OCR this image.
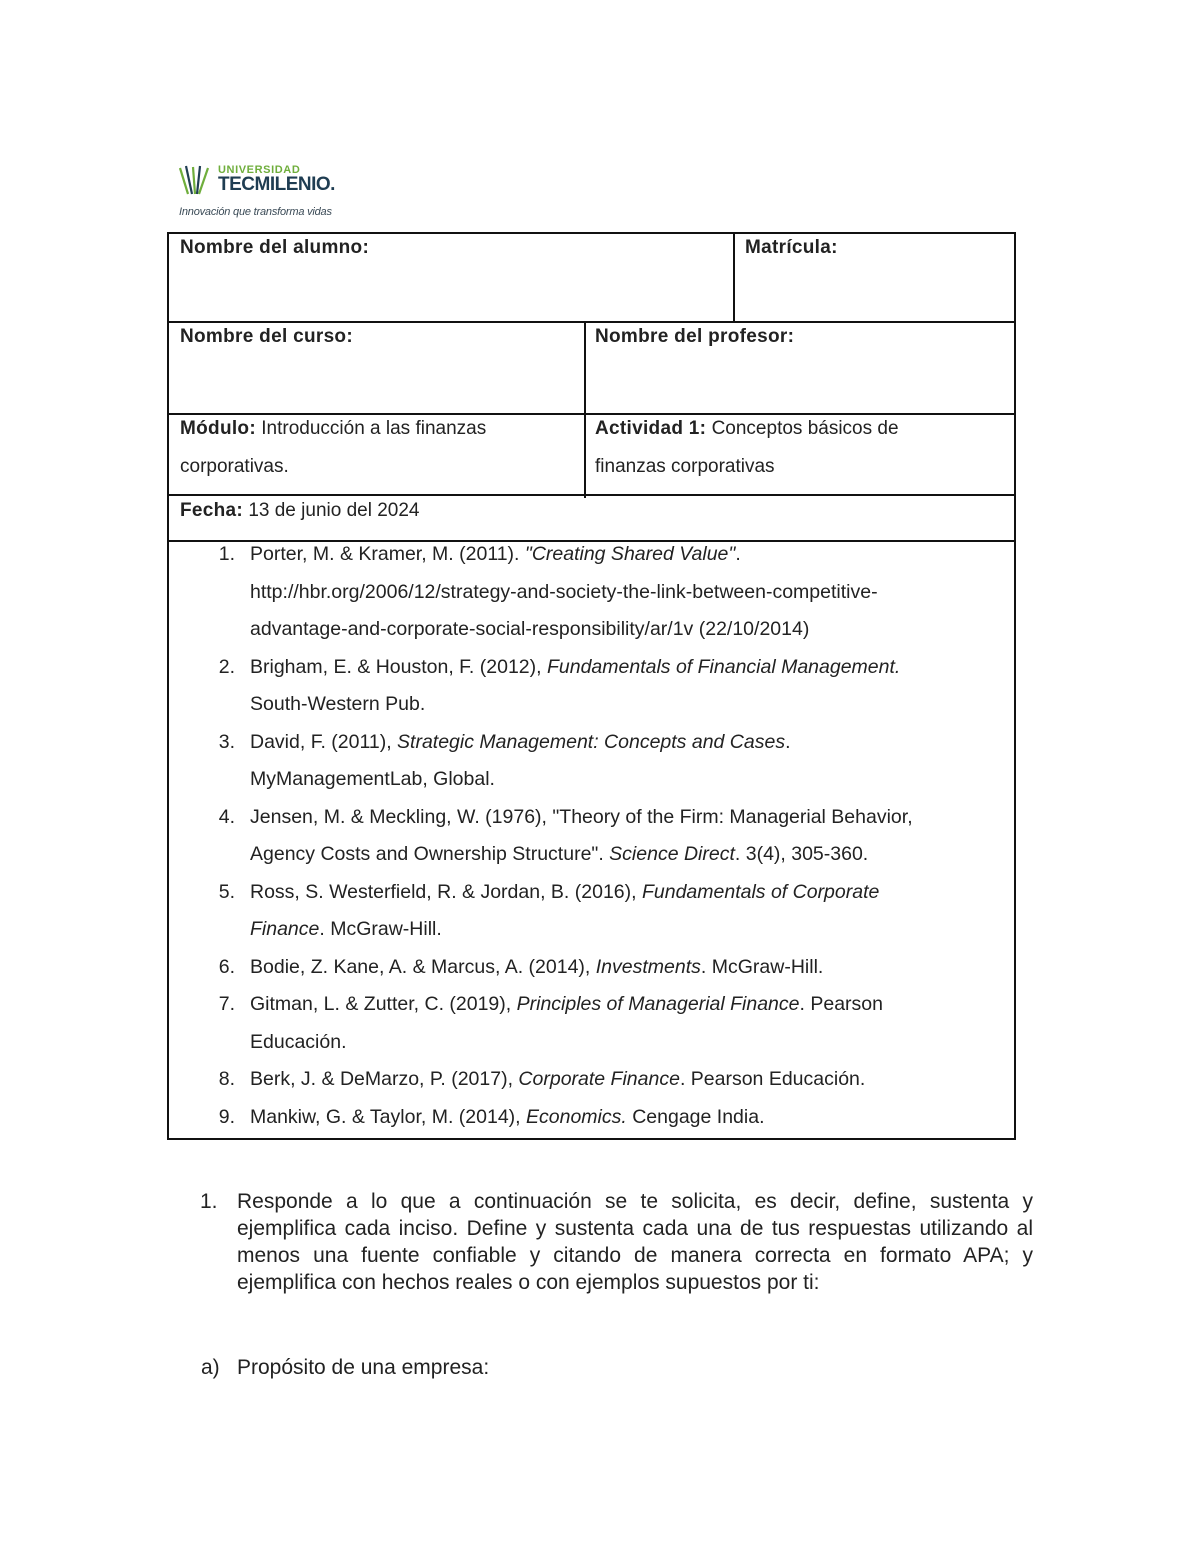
UNIVERSIDAD
TECMILENIO.
Innovación que transforma vidas
Nombre del alumno:	Matrícula:
Nombre del curso:	Nombre del profesor:
Módulo: Introducción a las finanzas
corporativas.
Actividad 1: Conceptos básicos de
finanzas corporativas
Fecha: 13 de junio del 2024
1. Porter, M. & Kramer, M. (2011). "Creating Shared Value".
http://hbr.org/2006/12/strategy-and-society-the-link-between-competitive-
advantage-and-corporate-social-responsibility/ar/1v (22/10/2014)
2. Brigham, E. & Houston, F. (2012), Fundamentals of Financial Management.
South-Western Pub.
3. David, F. (2011), Strategic Management: Concepts and Cases.
MyManagementLab, Global.
4. Jensen, M. & Meckling, W. (1976), "Theory of the Firm: Managerial Behavior,
Agency Costs and Ownership Structure". Science Direct. 3(4), 305-360.
5. Ross, S. Westerfield, R. & Jordan, B. (2016), Fundamentals of Corporate
Finance. McGraw-Hill.
6. Bodie, Z. Kane, A. & Marcus, A. (2014), Investments. McGraw-Hill.
7. Gitman, L. & Zutter, C. (2019), Principles of Managerial Finance. Pearson
Educación.
8. Berk, J. & DeMarzo, P. (2017), Corporate Finance. Pearson Educación.
9. Mankiw, G. & Taylor, M. (2014), Economics. Cengage India.
1. Responde a lo que a continuación se te solicita, es decir, define, sustenta y ejemplifica cada inciso. Define y sustenta cada una de tus respuestas utilizando al menos una fuente confiable y citando de manera correcta en formato APA; y ejemplifica con hechos reales o con ejemplos supuestos por ti:
a) Propósito de una empresa:
